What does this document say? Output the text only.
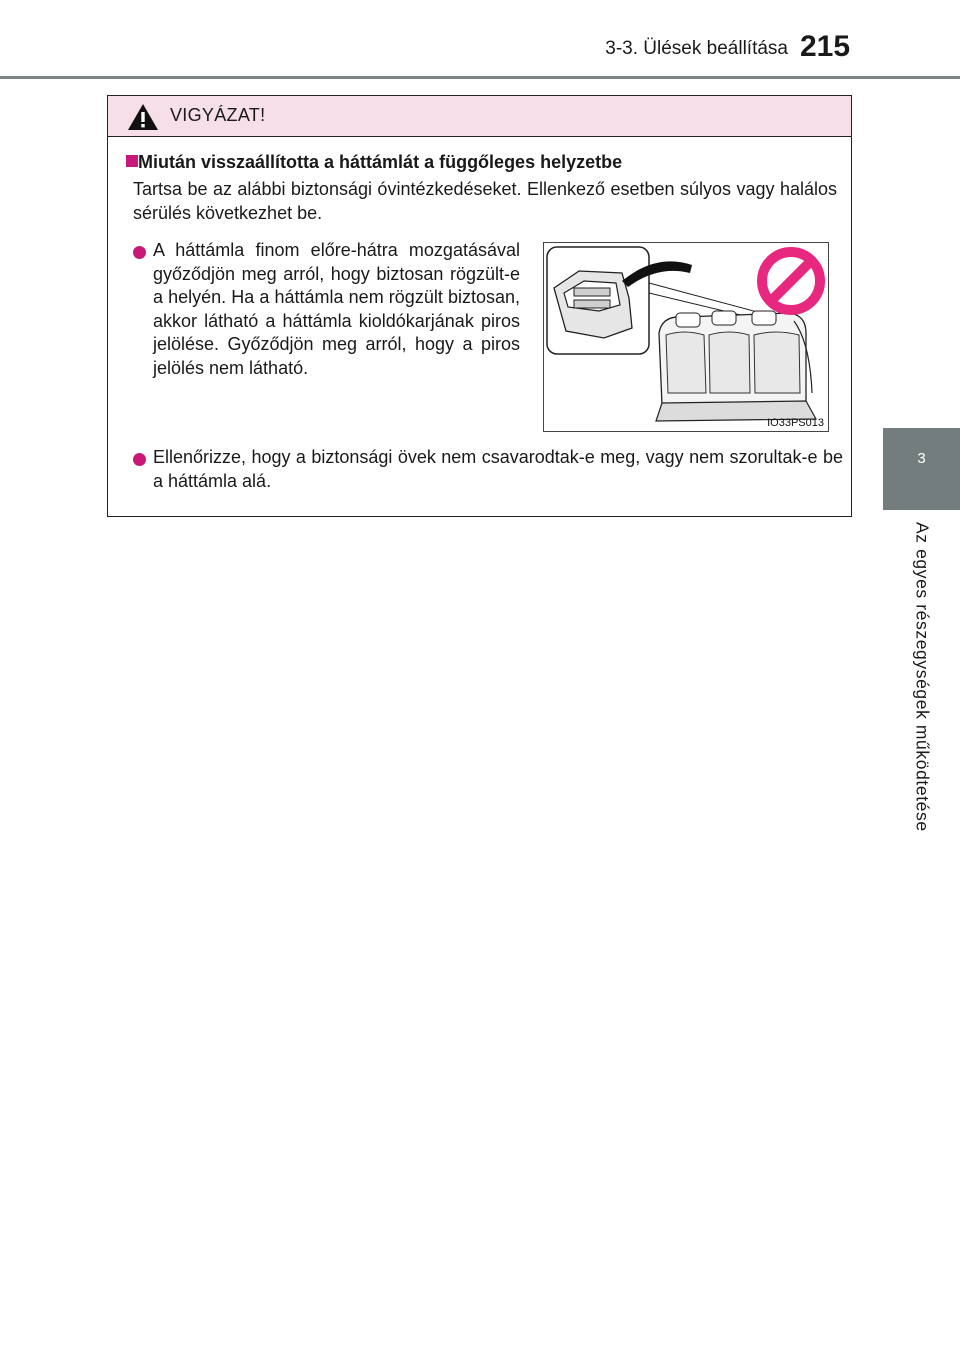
3-3. Ülések beállítása 215
3
Az egyes részegységek működtetése
VIGYÁZAT!
Miután visszaállította a háttámlát a függőleges helyzetbe
Tartsa be az alábbi biztonsági óvintézkedéseket. Ellenkező esetben súlyos vagy halálos sérülés következhet be.
A háttámla finom előre-hátra mozgatásával győződjön meg arról, hogy biztosan rögzült-e a helyén. Ha a háttámla nem rögzült biztosan, akkor látható a háttámla kioldókarjának piros jelölése. Győződjön meg arról, hogy a piros jelölés nem látható.
IO33PS013
Ellenőrizze, hogy a biztonsági övek nem csavarodtak-e meg, vagy nem szorultak-e be a háttámla alá.
